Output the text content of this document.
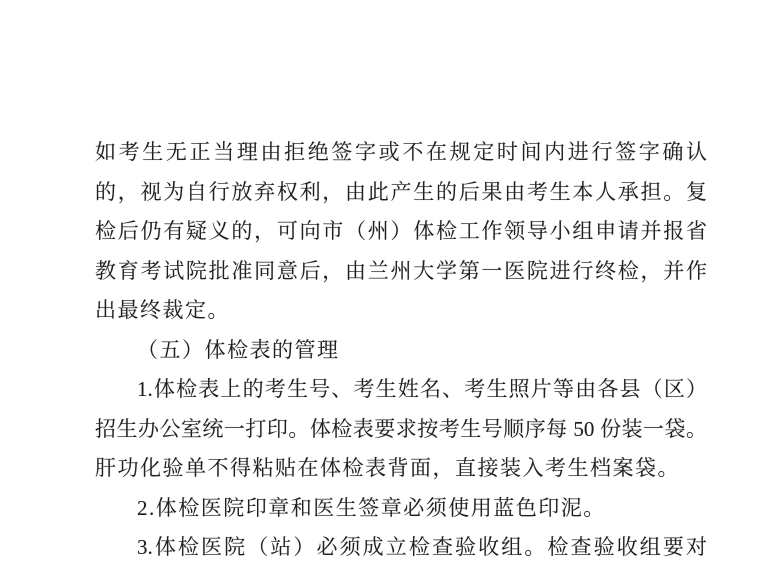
如考生无正当理由拒绝签字或不在规定时间内进行签字确认
的，视为自行放弃权利，由此产生的后果由考生本人承担。复
检后仍有疑义的，可向市（州）体检工作领导小组申请并报省
教育考试院批准同意后，由兰州大学第一医院进行终检，并作
出最终裁定。
（五）体检表的管理
1.体检表上的考生号、考生姓名、考生照片等由各县（区）
招生办公室统一打印。体检表要求按考生号顺序每 50 份装一袋。
肝功化验单不得粘贴在体检表背面，直接装入考生档案袋。
2.体检医院印章和医生签章必须使用蓝色印泥。
3.体检医院（站）必须成立检查验收组。检查验收组要对
